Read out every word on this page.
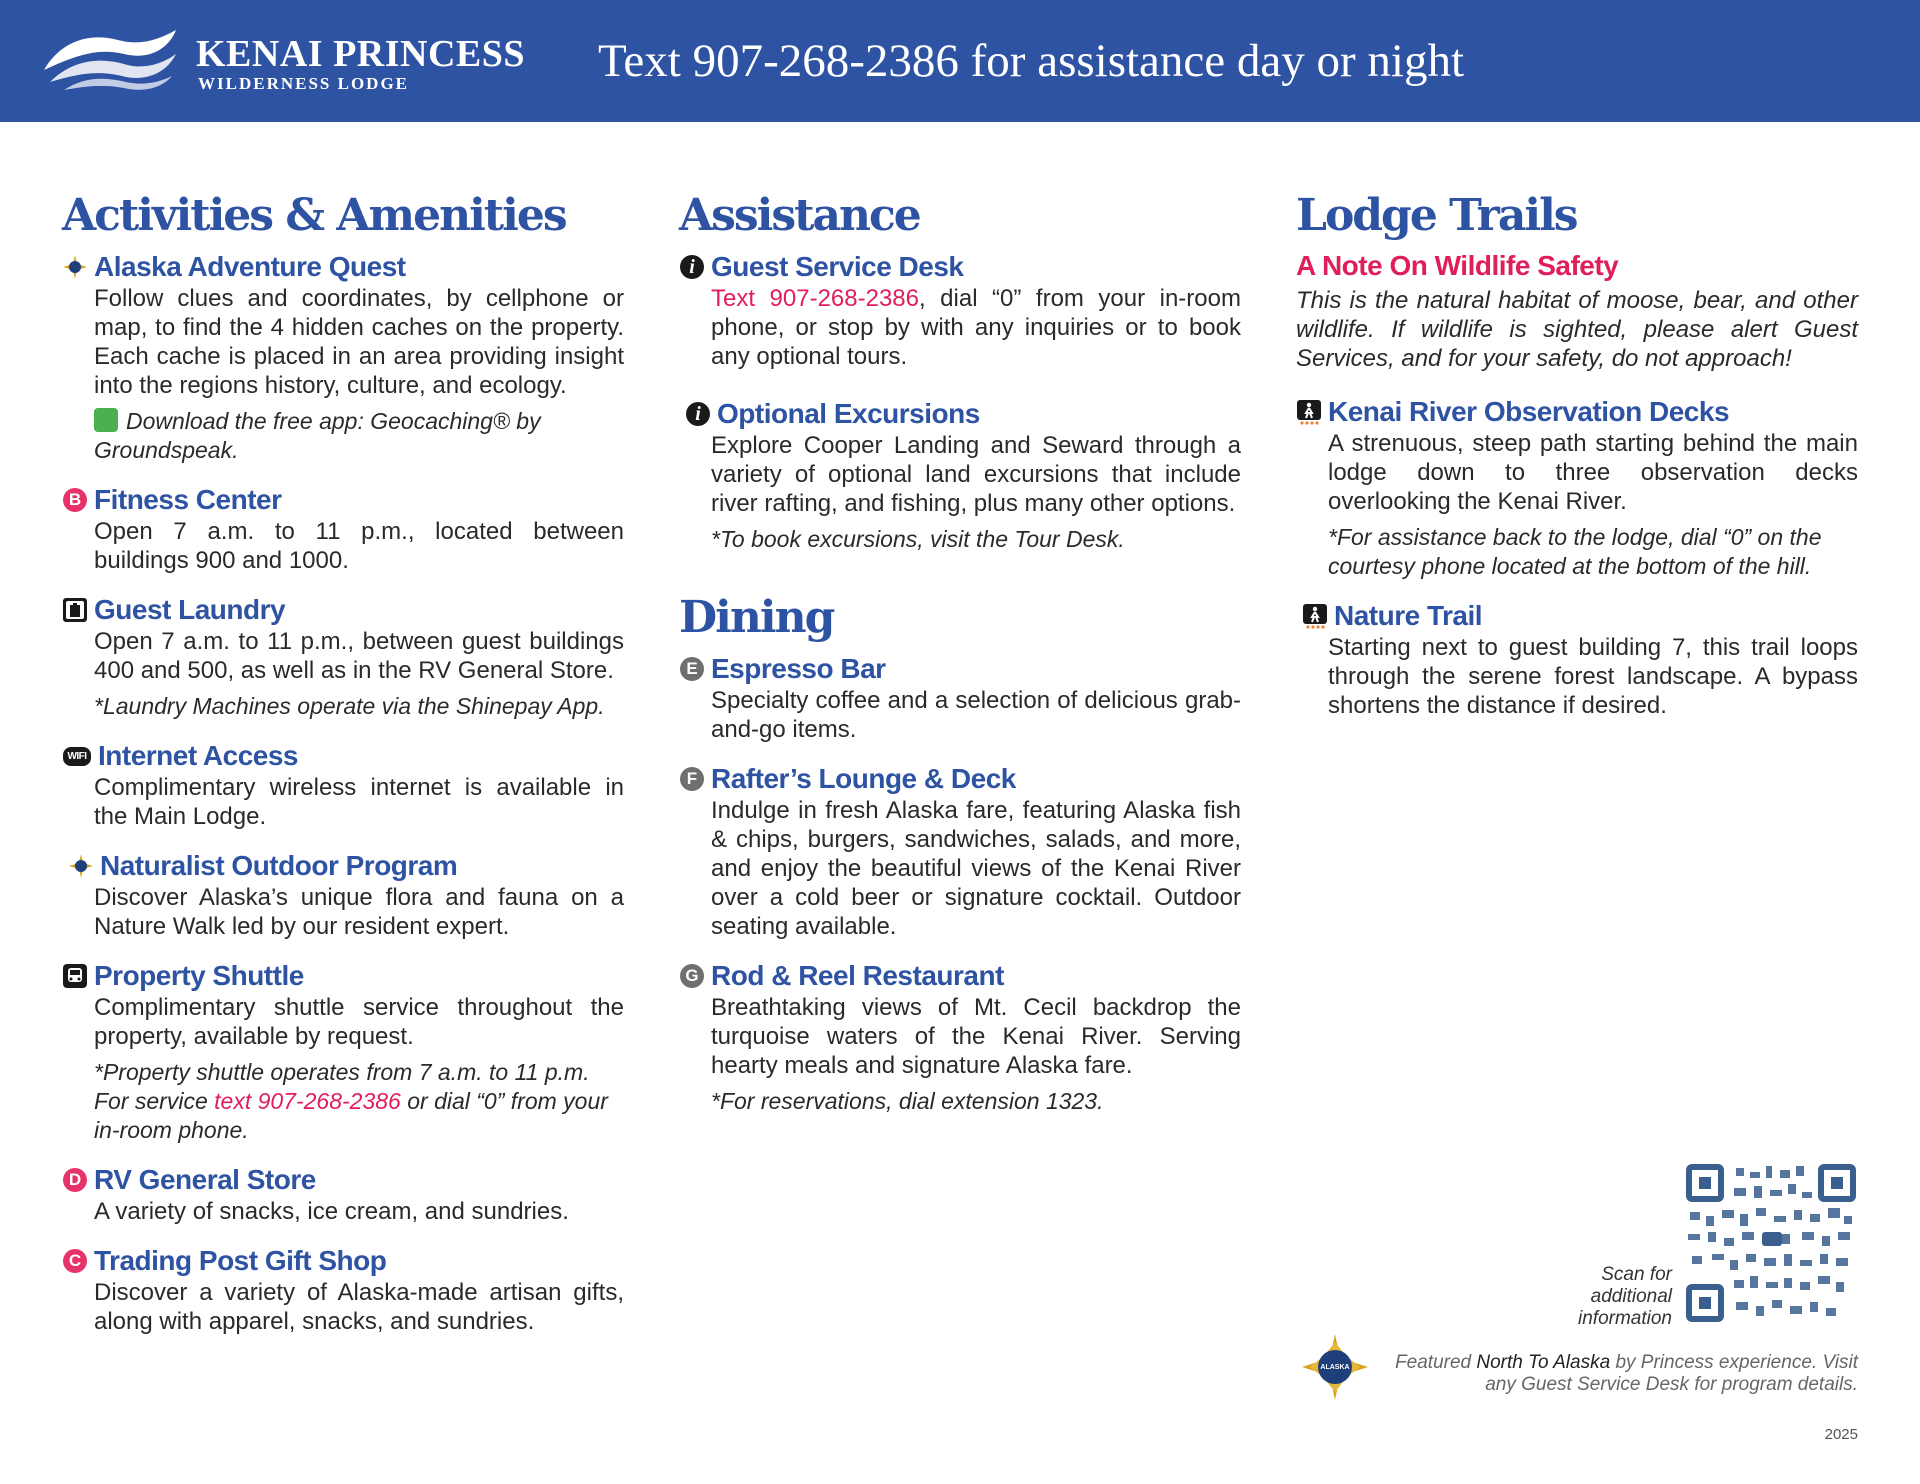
KENAI PRINCESS
WILDERNESS LODGE	Text 907-268-2386 for assistance day or night
Activities & Amenities
Alaska Adventure Quest
Follow clues and coordinates, by cellphone or map, to find the 4 hidden caches on the property. Each cache is placed in an area providing insight into the regions history, culture, and ecology.
Download the free app: Geocaching® by Groundspeak.
B Fitness Center
Open 7 a.m. to 11 p.m., located between buildings 900 and 1000.
Guest Laundry
Open 7 a.m. to 11 p.m., between guest buildings 400 and 500, as well as in the RV General Store.
*Laundry Machines operate via the Shinepay App.
WIFI Internet Access
Complimentary wireless internet is available in the Main Lodge.
Naturalist Outdoor Program
Discover Alaska’s unique flora and fauna on a Nature Walk led by our resident expert.
Property Shuttle
Complimentary shuttle service throughout the property, available by request.
*Property shuttle operates from 7 a.m. to 11 p.m. For service text 907-268-2386 or dial “0” from your in-room phone.
D RV General Store
A variety of snacks, ice cream, and sundries.
C Trading Post Gift Shop
Discover a variety of Alaska-made artisan gifts, along with apparel, snacks, and sundries.
Assistance
i Guest Service Desk
Text 907-268-2386, dial “0” from your in-room phone, or stop by with any inquiries or to book any optional tours.
i Optional Excursions
Explore Cooper Landing and Seward through a variety of optional land excursions that include river rafting, and fishing, plus many other options.
*To book excursions, visit the Tour Desk.
Dining
E Espresso Bar
Specialty coffee and a selection of delicious grab-and-go items.
F Rafter’s Lounge & Deck
Indulge in fresh Alaska fare, featuring Alaska fish & chips, burgers, sandwiches, salads, and more, and enjoy the beautiful views of the Kenai River over a cold beer or signature cocktail. Outdoor seating available.
G Rod & Reel Restaurant
Breathtaking views of Mt. Cecil backdrop the turquoise waters of the Kenai River. Serving hearty meals and signature Alaska fare.
*For reservations, dial extension 1323.
Lodge Trails
A Note On Wildlife Safety
This is the natural habitat of moose, bear, and other wildlife. If wildlife is sighted, please alert Guest Services, and for your safety, do not approach!
Kenai River Observation Decks
A strenuous, steep path starting behind the main lodge down to three observation decks overlooking the Kenai River.
*For assistance back to the lodge, dial “0” on the courtesy phone located at the bottom of the hill.
Nature Trail
Starting next to guest building 7, this trail loops through the serene forest landscape. A bypass shortens the distance if desired.
Scan for additional information
ALASKA	Featured North To Alaska by Princess experience. Visit any Guest Service Desk for program details.
2025
